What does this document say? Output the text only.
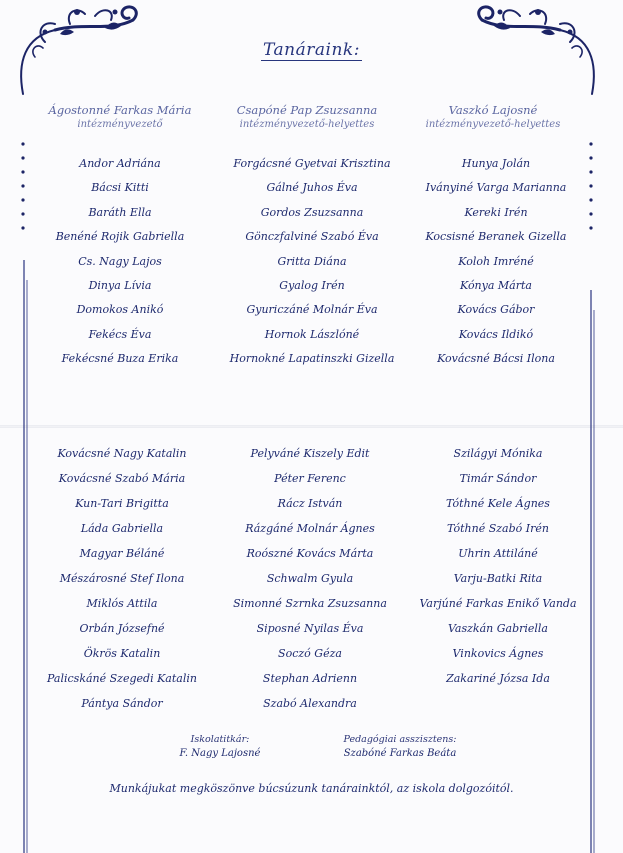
Tanáraink:
Ágostonné Farkas Mária
intézményvezető
Csapóné Pap Zsuzsanna
intézményvezető-helyettes
Vaszkó Lajosné
intézményvezető-helyettes
Andor Adriána
Bácsi Kitti
Baráth Ella
Benéné Rojik Gabriella
Cs. Nagy Lajos
Dinya Lívia
Domokos Anikó
Fekécs Éva
Fekécsné Buza Erika
Forgácsné Gyetvai Krisztina
Gálné Juhos Éva
Gordos Zsuzsanna
Gönczfalviné Szabó Éva
Gritta Diána
Gyalog Irén
Gyuriczáné Molnár Éva
Hornok Lászlóné
Hornokné Lapatinszki Gizella
Hunya Jolán
Iványiné Varga Marianna
Kereki Irén
Kocsisné Beranek Gizella
Koloh Imréné
Kónya Márta
Kovács Gábor
Kovács Ildikó
Kovácsné Bácsi Ilona
Kovácsné Nagy Katalin
Kovácsné Szabó Mária
Kun-Tari Brigitta
Láda Gabriella
Magyar Béláné
Mészárosné Stef Ilona
Miklós Attila
Orbán Józsefné
Ökrös Katalin
Palicskáné Szegedi Katalin
Pántya Sándor
Pelyváné Kiszely Edit
Péter Ferenc
Rácz István
Rázgáné Molnár Ágnes
Roószné Kovács Márta
Schwalm Gyula
Simonné Szrnka Zsuzsanna
Siposné Nyilas Éva
Soczó Géza
Stephan Adrienn
Szabó Alexandra
Szilágyi Mónika
Timár Sándor
Tóthné Kele Ágnes
Tóthné Szabó Irén
Uhrin Attiláné
Varju-Batki Rita
Varjúné Farkas Enikő Vanda
Vaszkán Gabriella
Vinkovics Ágnes
Zakariné Józsa Ida
Iskolatitkár:
F. Nagy Lajosné
Pedagógiai asszisztens:
Szabóné Farkas Beáta
Munkájukat megköszönve búcsúzunk tanárainktól, az iskola dolgozóitól.
